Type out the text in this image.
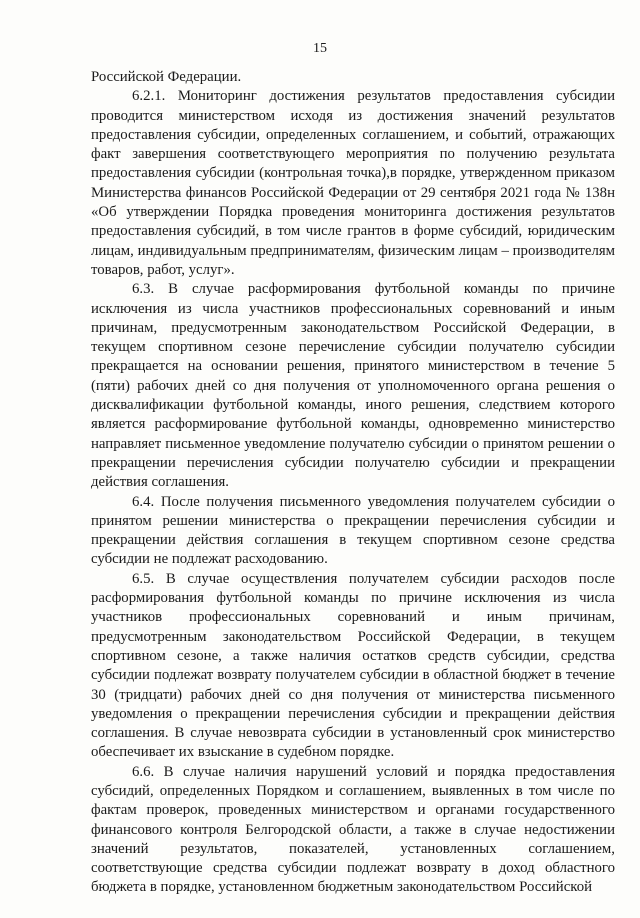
15

Российской Федерации.

6.2.1. Мониторинг достижения результатов предоставления субсидии проводится министерством исходя из достижения значений результатов предоставления субсидии, определенных соглашением, и событий, отражающих факт завершения соответствующего мероприятия по получению результата предоставления субсидии (контрольная точка),в порядке, утвержденном приказом Министерства финансов Российской Федерации от 29 сентября 2021 года № 138н «Об утверждении Порядка проведения мониторинга достижения результатов предоставления субсидий, в том числе грантов в форме субсидий, юридическим лицам, индивидуальным предпринимателям, физическим лицам – производителям товаров, работ, услуг».

6.3. В случае расформирования футбольной команды по причине исключения из числа участников профессиональных соревнований и иным причинам, предусмотренным законодательством Российской Федерации, в текущем спортивном сезоне перечисление субсидии получателю субсидии прекращается на основании решения, принятого министерством в течение 5 (пяти) рабочих дней со дня получения от уполномоченного органа решения о дисквалификации футбольной команды, иного решения, следствием которого является расформирование футбольной команды, одновременно министерство направляет письменное уведомление получателю субсидии о принятом решении о прекращении перечисления субсидии получателю субсидии и прекращении действия соглашения.

6.4. После получения письменного уведомления получателем субсидии о принятом решении министерства о прекращении перечисления субсидии и прекращении действия соглашения в текущем спортивном сезоне средства субсидии не подлежат расходованию.

6.5. В случае осуществления получателем субсидии расходов после расформирования футбольной команды по причине исключения из числа участников профессиональных соревнований и иным причинам, предусмотренным законодательством Российской Федерации, в текущем спортивном сезоне, а также наличия остатков средств субсидии, средства субсидии подлежат возврату получателем субсидии в областной бюджет в течение 30 (тридцати) рабочих дней со дня получения от министерства письменного уведомления о прекращении перечисления субсидии и прекращении действия соглашения. В случае невозврата субсидии в установленный срок министерство обеспечивает их взыскание в судебном порядке.

6.6. В случае наличия нарушений условий и порядка предоставления субсидий, определенных Порядком и соглашением, выявленных в том числе по фактам проверок, проведенных министерством и органами государственного финансового контроля Белгородской области, а также в случае недостижении значений результатов, показателей, установленных соглашением, соответствующие средства субсидии подлежат возврату в доход областного бюджета в порядке, установленном бюджетным законодательством Российской
